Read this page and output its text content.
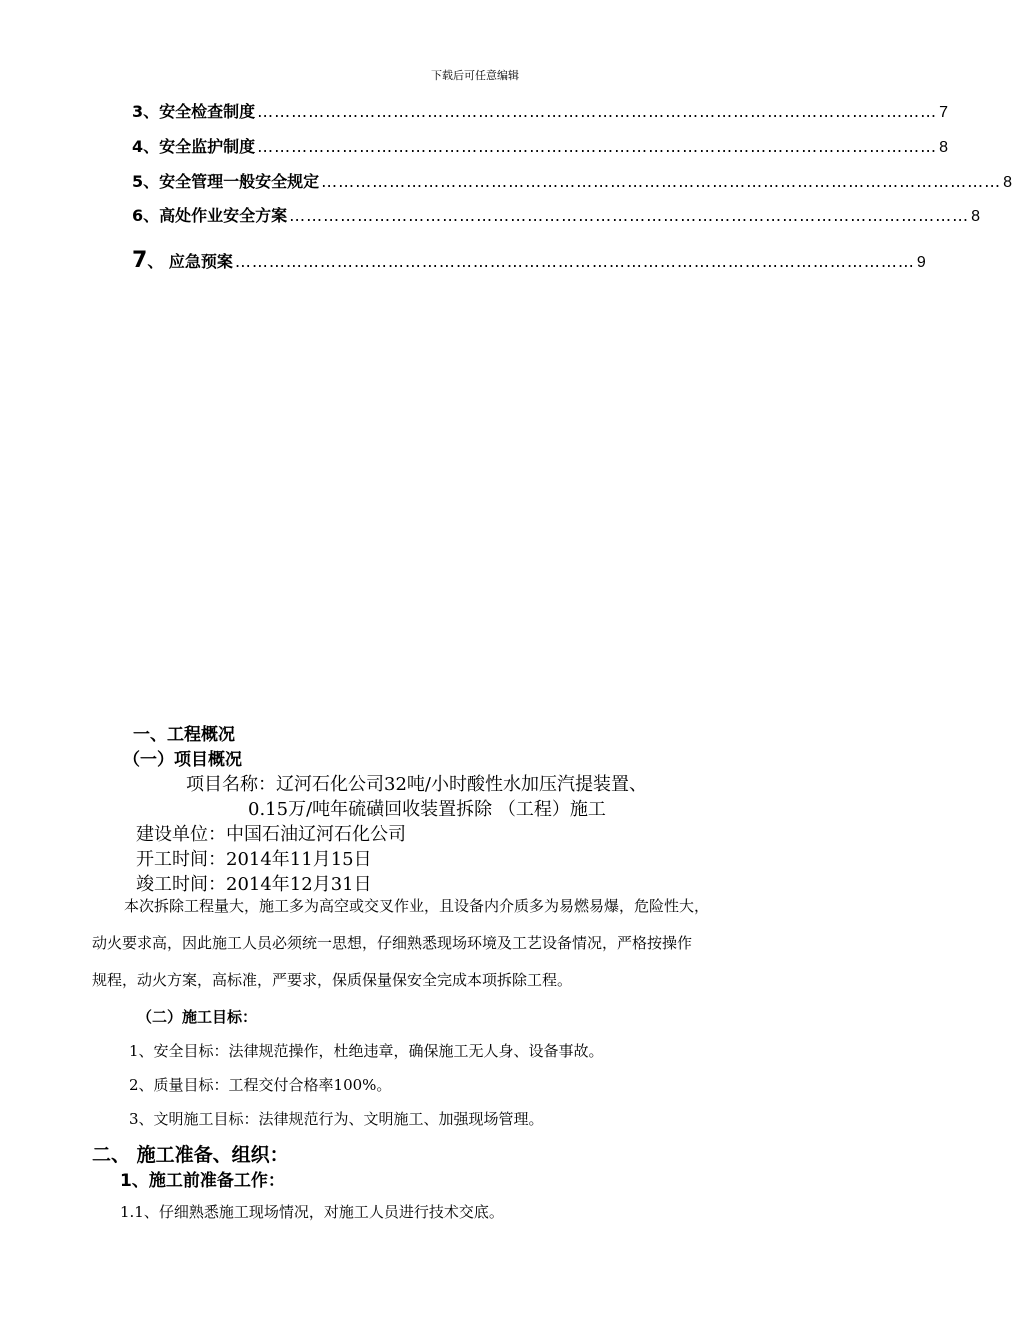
下载后可任意编辑
3、安全检查制度 ………………………………………………………………………………………………………… 7
4、安全监护制度 ………………………………………………………………………………………………………… 8
5、安全管理一般安全规定 ………………………………………………………………………………………………………… 8
6、高处作业安全方案 ………………………………………………………………………………………………………… 8
7 、 应急预案 ………………………………………………………………………………………………………… 9
一、工程概况
（一）项目概况
项目名称：辽河石化公司32吨/小时酸性水加压汽提装置、
0.15万/吨年硫磺回收装置拆除 （工程）施工
建设单位：中国石油辽河石化公司
开工时间：2014年11月15日
竣工时间：2014年12月31日
本次拆除工程量大，施工多为高空或交叉作业，且设备内介质多为易燃易爆，危险性大，
动火要求高，因此施工人员必须统一思想，仔细熟悉现场环境及工艺设备情况，严格按操作
规程，动火方案，高标准，严要求，保质保量保安全完成本项拆除工程。
（二）施工目标：
1、安全目标：法律规范操作，杜绝违章，确保施工无人身、设备事故。
2、质量目标：工程交付合格率100%。
3、文明施工目标：法律规范行为、文明施工、加强现场管理。
二、 施工准备、组织：
1、施工前准备工作：
1.1、仔细熟悉施工现场情况，对施工人员进行技术交底。
